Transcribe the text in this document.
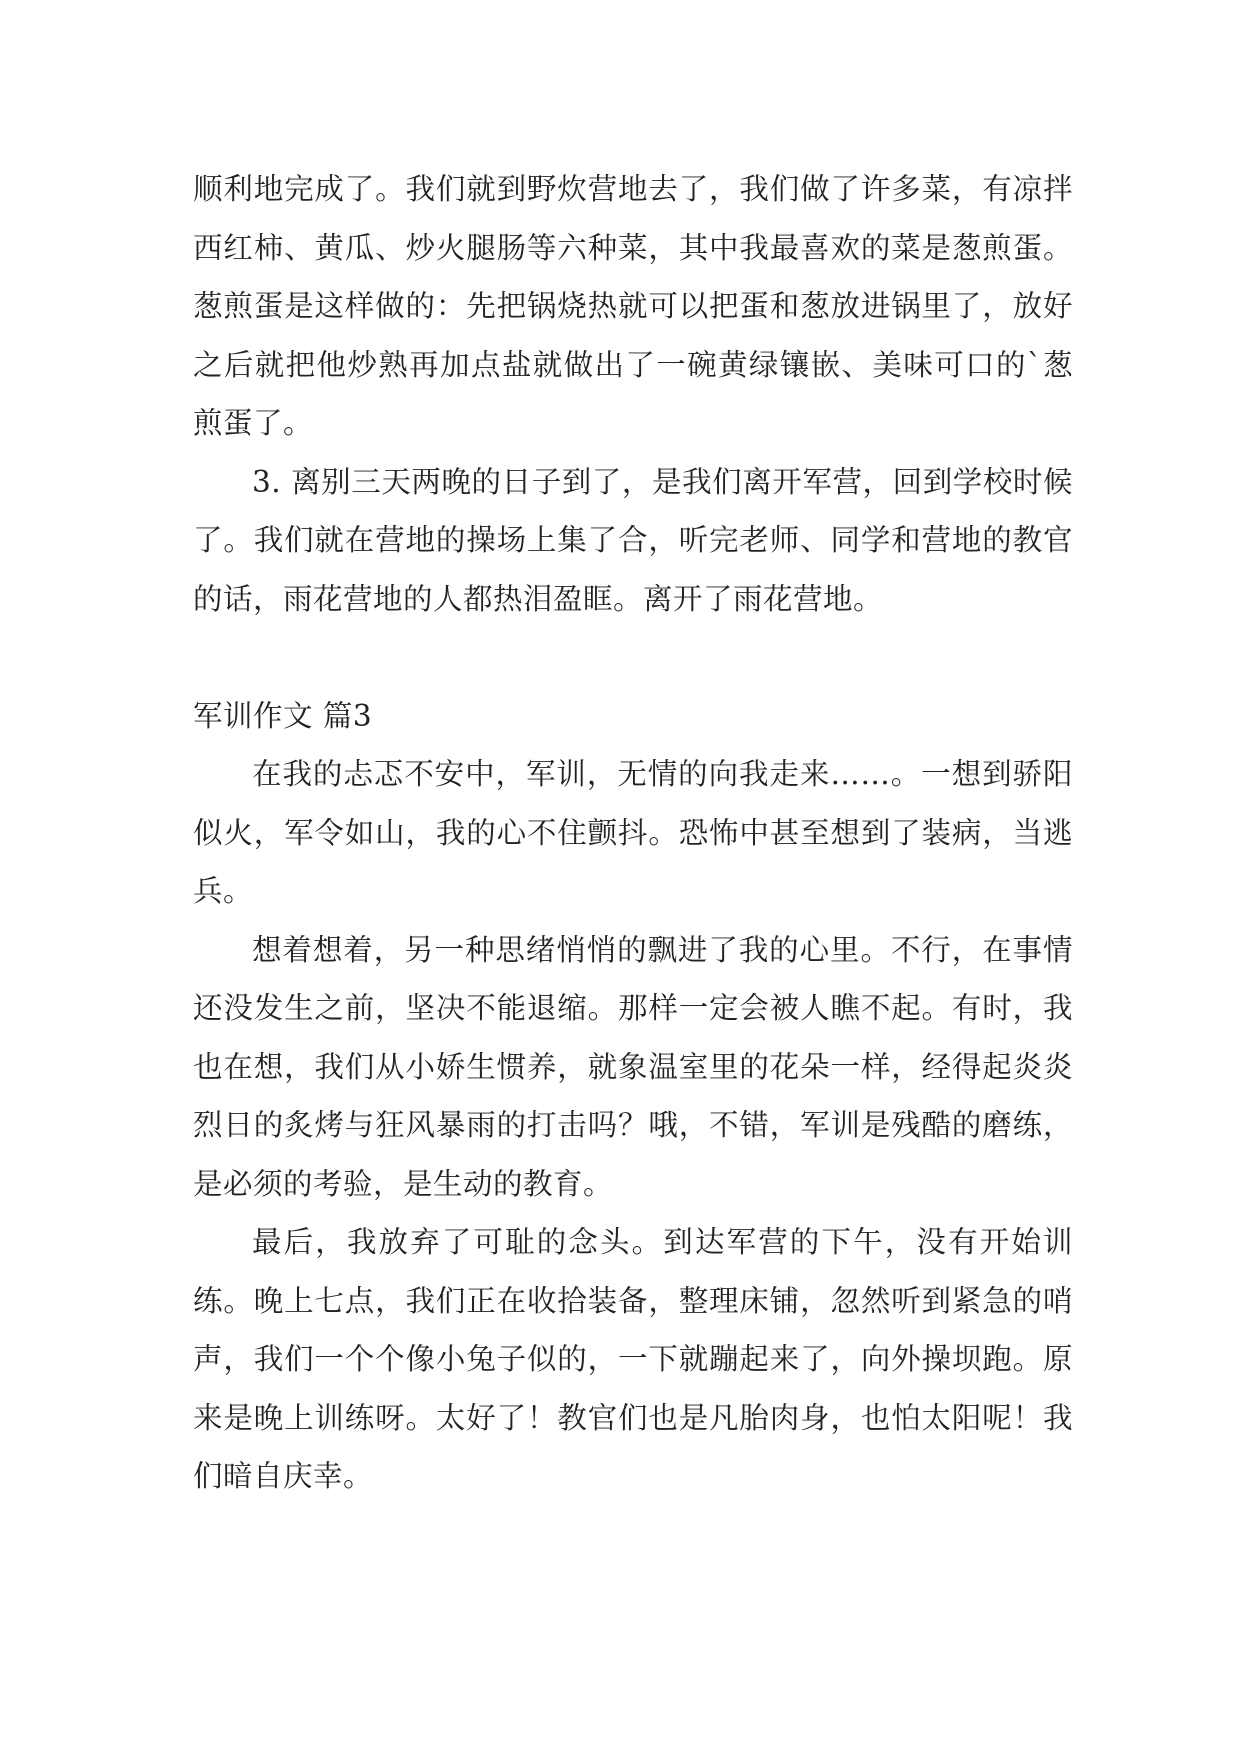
顺利地完成了。我们就到野炊营地去了，我们做了许多菜，有凉拌西红柿、黄瓜、炒火腿肠等六种菜，其中我最喜欢的菜是葱煎蛋。葱煎蛋是这样做的：先把锅烧热就可以把蛋和葱放进锅里了，放好之后就把他炒熟再加点盐就做出了一碗黄绿镶嵌、美味可口的`葱煎蛋了。

3. 离别三天两晚的日子到了，是我们离开军营，回到学校时候了。我们就在营地的操场上集了合，听完老师、同学和营地的教官的话，雨花营地的人都热泪盈眶。离开了雨花营地。

军训作文 篇3

在我的忐忑不安中，军训，无情的向我走来……。一想到骄阳似火，军令如山，我的心不住颤抖。恐怖中甚至想到了装病，当逃兵。

想着想着，另一种思绪悄悄的飘进了我的心里。不行，在事情还没发生之前，坚决不能退缩。那样一定会被人瞧不起。有时，我也在想，我们从小娇生惯养，就象温室里的花朵一样，经得起炎炎烈日的炙烤与狂风暴雨的打击吗？哦，不错，军训是残酷的磨练，是必须的考验，是生动的教育。

最后，我放弃了可耻的念头。到达军营的下午，没有开始训练。晚上七点，我们正在收拾装备，整理床铺，忽然听到紧急的哨声，我们一个个像小兔子似的，一下就蹦起来了，向外操坝跑。原来是晚上训练呀。太好了！教官们也是凡胎肉身，也怕太阳呢！我们暗自庆幸。
